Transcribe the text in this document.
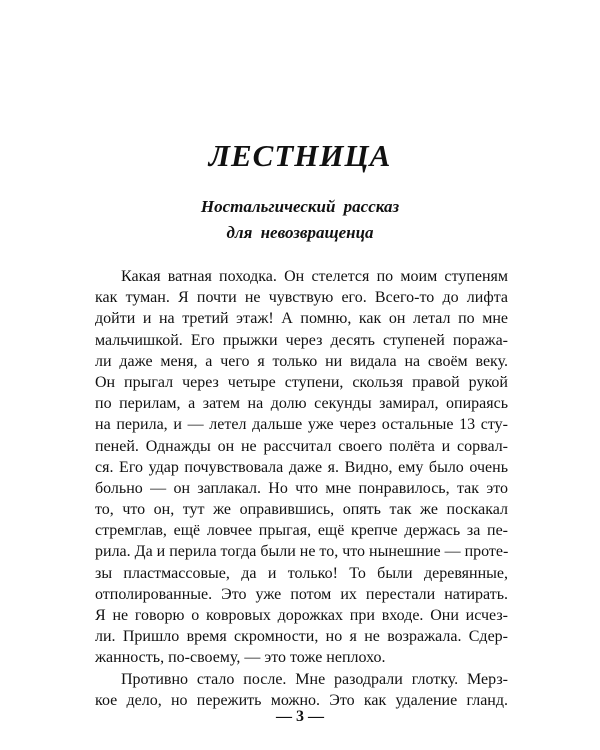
ЛЕСТНИЦА
Ностальгический рассказ
для невозвращенца
Какая ватная походка. Он стелется по моим ступеням
как туман. Я почти не чувствую его. Всего-то до лифта
дойти и на третий этаж! А помню, как он летал по мне
мальчишкой. Его прыжки через десять ступеней поража-
ли даже меня, а чего я только ни видала на своём веку.
Он прыгал через четыре ступени, скользя правой рукой
по перилам, а затем на долю секунды замирал, опираясь
на перила, и — летел дальше уже через остальные 13 сту-
пеней. Однажды он не рассчитал своего полёта и сорвал-
ся. Его удар почувствовала даже я. Видно, ему было очень
больно — он заплакал. Но что мне понравилось, так это
то, что он, тут же оправившись, опять так же поскакал
стремглав, ещё ловчее прыгая, ещё крепче держась за пе-
рила. Да и перила тогда были не то, что нынешние — проте-
зы пластмассовые, да и только! То были деревянные,
отполированные. Это уже потом их перестали натирать.
Я не говорю о ковровых дорожках при входе. Они исчез-
ли. Пришло время скромности, но я не возражала. Сдер-
жанность, по-своему, — это тоже неплохо.
Противно стало после. Мне разодрали глотку. Мерз-
кое дело, но пережить можно. Это как удаление гланд.
— 3 —
